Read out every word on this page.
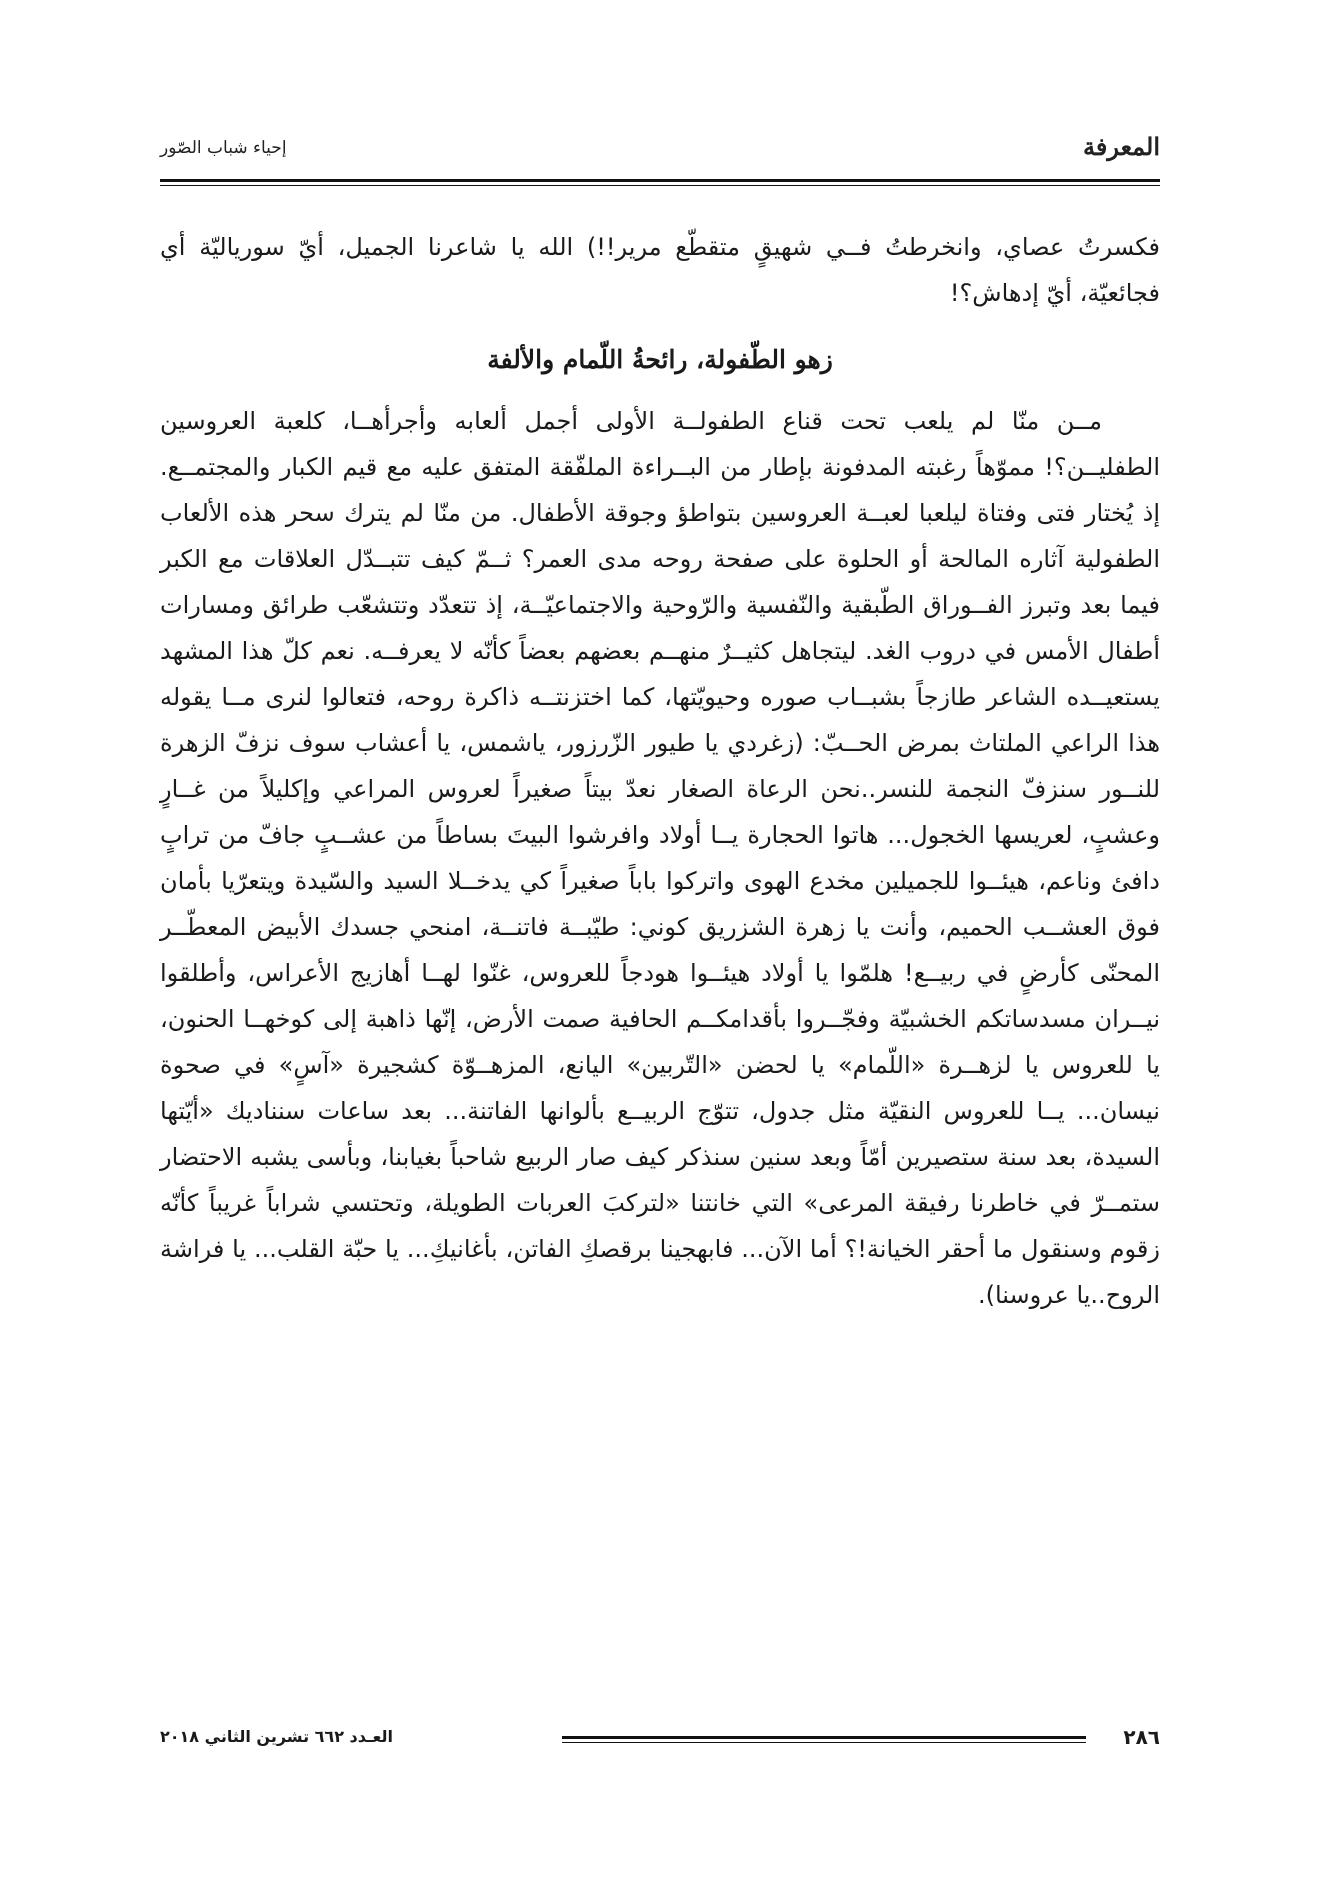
المعرفة
إحياء شباب الصّور

فكسرتُ عصاي، وانخرطتُ فــي شهيقٍ متقطّع مرير!!) الله يا شاعرنا الجميل، أيّ سورياليّة أي فجائعيّة، أيّ إدهاش؟!

زهو الطّفولة، رائحةُ اللّمام والألفة

مــن منّا لم يلعب تحت قناع الطفولــة الأولى أجمل ألعابه وأجرأهــا، كلعبة العروسين الطفليــن؟! مموّهاً رغبته المدفونة بإطار من البــراءة الملفّقة المتفق عليه مع قيم الكبار والمجتمــع. إذ يُختار فتى وفتاة ليلعبا لعبــة العروسين بتواطؤ وجوقة الأطفال. من منّا لم يترك سحر هذه الألعاب الطفولية آثاره المالحة أو الحلوة على صفحة روحه مدى العمر؟ ثــمّ كيف تتبــدّل العلاقات مع الكبر فيما بعد وتبرز الفــوراق الطّبقية والنّفسية والرّوحية والاجتماعيّــة، إذ تتعدّد وتتشعّب طرائق ومسارات أطفال الأمس في دروب الغد. ليتجاهل كثيــرٌ منهــم بعضهم بعضاً كأنّه لا يعرفــه. نعم كلّ هذا المشهد يستعيــده الشاعر طازجاً بشبــاب صوره وحيويّتها، كما اختزنتــه ذاكرة روحه، فتعالوا لنرى مــا يقوله هذا الراعي الملتاث بمرض الحــبّ: (زغردي يا طيور الزّرزور، ياشمس، يا أعشاب سوف نزفّ الزهرة للنــور سنزفّ النجمة للنسر..نحن الرعاة الصغار نعدّ بيتاً صغيراً لعروس المراعي وإكليلاً من غــارٍ وعشبٍ، لعريسها الخجول... هاتوا الحجارة يــا أولاد وافرشوا البيتَ بساطاً من عشــبٍ جافّ من ترابٍ دافئ وناعم، هيئــوا للجميلين مخدع الهوى واتركوا باباً صغيراً كي يدخــلا السيد والسّيدة ويتعرّيا بأمان فوق العشــب الحميم، وأنت يا زهرة الشزريق كوني: طيّبــة فاتنــة، امنحي جسدك الأبيض المعطّــر المحنّى كأرضٍ في ربيــع! هلمّوا يا أولاد هيئــوا هودجاً للعروس، غنّوا لهــا أهازيج الأعراس، وأطلقوا نيــران مسدساتكم الخشبيّة وفجّــروا بأقدامكــم الحافية صمت الأرض، إنّها ذاهبة إلى كوخهــا الحنون، يا للعروس يا لزهــرة «اللّمام» يا لحضن «التّربين» اليانع، المزهــوّة كشجيرة «آسٍ» في صحوة نيسان... يــا للعروس النقيّة مثل جدول، تتوّج الربيــع بألوانها الفاتنة... بعد ساعات سنناديك «أيّتها السيدة، بعد سنة ستصيرين أمّاً وبعد سنين سنذكر كيف صار الربيع شاحباً بغيابنا، وبأسى يشبه الاحتضار ستمــرّ في خاطرنا رفيقة المرعى» التي خانتنا «لتركبَ العربات الطويلة، وتحتسي شراباً غريباً كأنّه زقوم وسنقول ما أحقر الخيانة!؟ أما الآن... فابهجينا برقصكِ الفاتن، بأغانيكِ... يا حبّة القلب... يا فراشة الروح..يا عروسنا).

٢٨٦
العـدد ٦٦٢ تشرين الثاني ٢٠١٨
